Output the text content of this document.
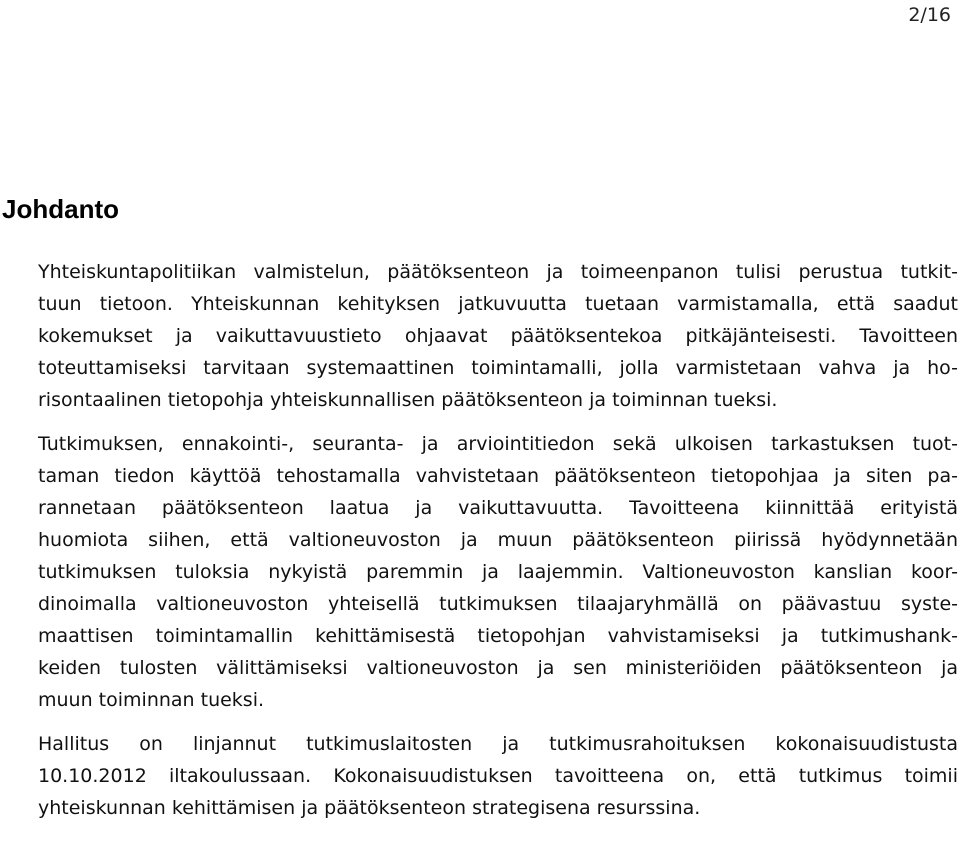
2/16
Johdanto

Yhteiskuntapolitiikan valmistelun, päätöksenteon ja toimeenpanon tulisi perustua tutkit-
tuun tietoon. Yhteiskunnan kehityksen jatkuvuutta tuetaan varmistamalla, että saadut
kokemukset ja vaikuttavuustieto ohjaavat päätöksentekoa pitkäjänteisesti. Tavoitteen
toteuttamiseksi tarvitaan systemaattinen toimintamalli, jolla varmistetaan vahva ja ho-
risontaalinen tietopohja yhteiskunnallisen päätöksenteon ja toiminnan tueksi.

Tutkimuksen, ennakointi-, seuranta- ja arviointitiedon sekä ulkoisen tarkastuksen tuot-
taman tiedon käyttöä tehostamalla vahvistetaan päätöksenteon tietopohjaa ja siten pa-
rannetaan päätöksenteon laatua ja vaikuttavuutta. Tavoitteena kiinnittää erityistä
huomiota siihen, että valtioneuvoston ja muun päätöksenteon piirissä hyödynnetään
tutkimuksen tuloksia nykyistä paremmin ja laajemmin. Valtioneuvoston kanslian koor-
dinoimalla valtioneuvoston yhteisellä tutkimuksen tilaajaryhmällä on päävastuu syste-
maattisen toimintamallin kehittämisestä tietopohjan vahvistamiseksi ja tutkimushank-
keiden tulosten välittämiseksi valtioneuvoston ja sen ministeriöiden päätöksenteon ja
muun toiminnan tueksi.

Hallitus on linjannut tutkimuslaitosten ja tutkimusrahoituksen kokonaisuudistusta
10.10.2012 iltakoulussaan. Kokonaisuudistuksen tavoitteena on, että tutkimus toimii
yhteiskunnan kehittämisen ja päätöksenteon strategisena resurssina.
